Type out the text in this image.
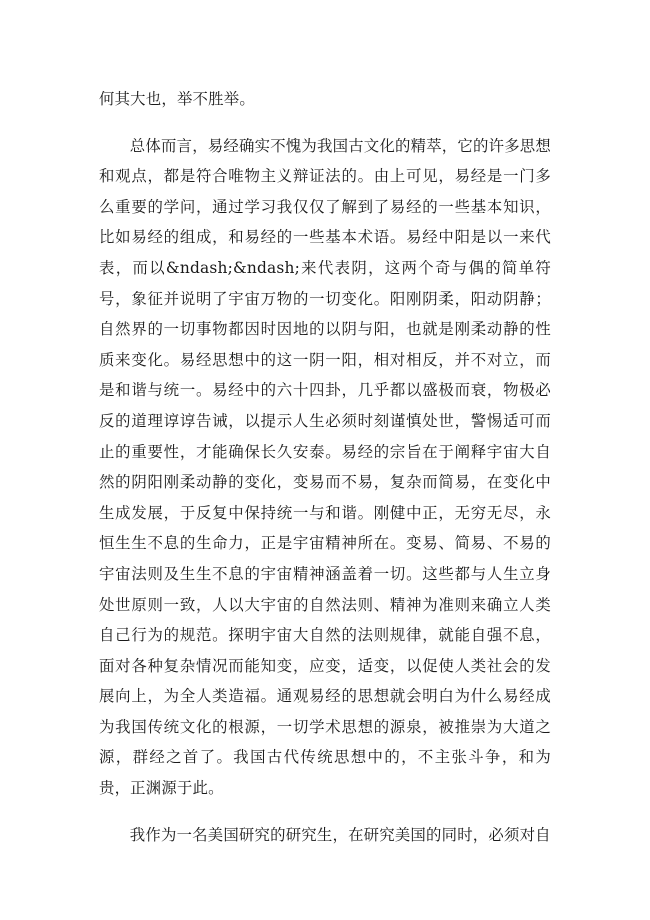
何其大也，举不胜举。

总体而言，易经确实不愧为我国古文化的精萃，它的许多思想和观点，都是符合唯物主义辩证法的。由上可见，易经是一门多么重要的学问，通过学习我仅仅了解到了易经的一些基本知识，比如易经的组成，和易经的一些基本术语。易经中阳是以一来代表，而以&ndash;&ndash;来代表阴，这两个奇与偶的简单符号，象征并说明了宇宙万物的一切变化。阳刚阴柔，阳动阴静；自然界的一切事物都因时因地的以阴与阳，也就是刚柔动静的性质来变化。易经思想中的这一阴一阳，相对相反，并不对立，而是和谐与统一。易经中的六十四卦，几乎都以盛极而衰，物极必反的道理谆谆告诫，以提示人生必须时刻谨慎处世，警惕适可而止的重要性，才能确保长久安泰。易经的宗旨在于阐释宇宙大自然的阴阳刚柔动静的变化，变易而不易，复杂而简易，在变化中生成发展，于反复中保持统一与和谐。刚健中正，无穷无尽，永恒生生不息的生命力，正是宇宙精神所在。变易、简易、不易的宇宙法则及生生不息的宇宙精神涵盖着一切。这些都与人生立身处世原则一致，人以大宇宙的自然法则、精神为准则来确立人类自己行为的规范。探明宇宙大自然的法则规律，就能自强不息，面对各种复杂情况而能知变，应变，适变，以促使人类社会的发展向上，为全人类造福。通观易经的思想就会明白为什么易经成为我国传统文化的根源，一切学术思想的源泉，被推崇为大道之源，群经之首了。我国古代传统思想中的，不主张斗争，和为贵，正渊源于此。

我作为一名美国研究的研究生，在研究美国的同时，必须对自
